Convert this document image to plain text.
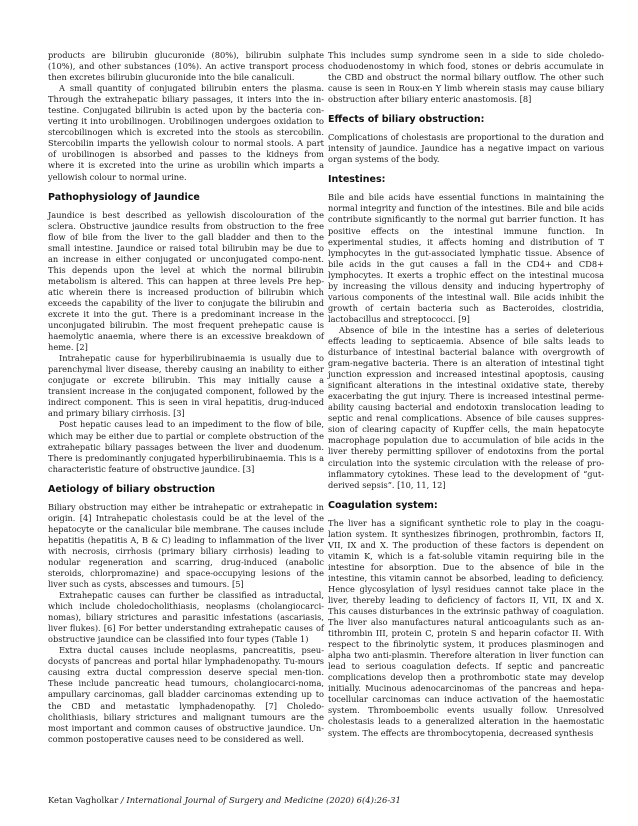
products are bilirubin glucuronide (80%), bilirubin sulphate (10%), and other substances (10%). An active transport process then excretes bilirubin glucuronide into the bile canaliculi.

A small quantity of conjugated bilirubin enters the plasma. Through the extrahepatic biliary passages, it inters into the in-testine. Conjugated bilirubin is acted upon by the bacteria con-verting it into urobilinogen. Urobilinogen undergoes oxidation to stercobilinogen which is excreted into the stools as stercobilin. Stercobilin imparts the yellowish colour to normal stools. A part of urobilinogen is absorbed and passes to the kidneys from where it is excreted into the urine as urobilin which imparts a yellowish colour to normal urine.

Pathophysiology of Jaundice

Jaundice is best described as yellowish discolouration of the sclera. Obstructive jaundice results from obstruction to the free flow of bile from the liver to the gall bladder and then to the small intestine. Jaundice or raised total bilirubin may be due to an increase in either conjugated or unconjugated compo-nent. This depends upon the level at which the normal bilirubin metabolism is altered. This can happen at three levels Pre hep-atic wherein there is increased production of bilirubin which exceeds the capability of the liver to conjugate the bilirubin and excrete it into the gut. There is a predominant increase in the unconjugated bilirubin. The most frequent prehepatic cause is haemolytic anaemia, where there is an excessive breakdown of heme. [2]

Intrahepatic cause for hyperbilirubinaemia is usually due to parenchymal liver disease, thereby causing an inability to either conjugate or excrete bilirubin. This may initially cause a transient increase in the conjugated component, followed by the indirect component. This is seen in viral hepatitis, drug-induced and primary biliary cirrhosis. [3]

Post hepatic causes lead to an impediment to the flow of bile, which may be either due to partial or complete obstruction of the extrahepatic biliary passages between the liver and duodenum. There is predominantly conjugated hyperbilirubinaemia. This is a characteristic feature of obstructive jaundice. [3]

Aetiology of biliary obstruction

Biliary obstruction may either be intrahepatic or extrahepatic in origin. [4] Intrahepatic cholestasis could be at the level of the hepatocyte or the canalicular bile membrane. The causes include hepatitis (hepatitis A, B & C) leading to inflammation of the liver with necrosis, cirrhosis (primary biliary cirrhosis) leading to nodular regeneration and scarring, drug-induced (anabolic steroids, chlorpromazine) and space-occupying lesions of the liver such as cysts, abscesses and tumours. [5]

Extrahepatic causes can further be classified as intraductal, which include choledocholithiasis, neoplasms (cholangiocarci-nomas), biliary strictures and parasitic infestations (ascariasis, liver flukes). [6] For better understanding extrahepatic causes of obstructive jaundice can be classified into four types (Table 1)

Extra ductal causes include neoplasms, pancreatitis, pseu-docysts of pancreas and portal hilar lymphadenopathy. Tu-mours causing extra ductal compression deserve special men-tion. These include pancreatic head tumours, cholangiocarci-noma, ampullary carcinomas, gall bladder carcinomas extending up to the CBD and metastatic lymphadenopathy. [7] Choledo-cholithiasis, biliary strictures and malignant tumours are the most important and common causes of obstructive jaundice. Un-common postoperative causes need to be considered as well.

This includes sump syndrome seen in a side to side choledo-choduodenostomy in which food, stones or debris accumulate in the CBD and obstruct the normal biliary outflow. The other such cause is seen in Roux-en Y limb wherein stasis may cause biliary obstruction after biliary enteric anastomosis. [8]

Effects of biliary obstruction:

Complications of cholestasis are proportional to the duration and intensity of jaundice. Jaundice has a negative impact on various organ systems of the body.

Intestines:

Bile and bile acids have essential functions in maintaining the normal integrity and function of the intestines. Bile and bile acids contribute significantly to the normal gut barrier function. It has positive effects on the intestinal immune function. In experimental studies, it affects homing and distribution of T lymphocytes in the gut-associated lymphatic tissue. Absence of bile acids in the gut causes a fall in the CD4+ and CD8+ lymphocytes. It exerts a trophic effect on the intestinal mucosa by increasing the villous density and inducing hypertrophy of various components of the intestinal wall. Bile acids inhibit the growth of certain bacteria such as Bacteroides, clostridia, lactobacillus and streptococci. [9]

Absence of bile in the intestine has a series of deleterious effects leading to septicaemia. Absence of bile salts leads to disturbance of intestinal bacterial balance with overgrowth of gram-negative bacteria. There is an alteration of intestinal tight junction expression and increased intestinal apoptosis, causing significant alterations in the intestinal oxidative state, thereby exacerbating the gut injury. There is increased intestinal perme-ability causing bacterial and endotoxin translocation leading to septic and renal complications. Absence of bile causes suppres-sion of clearing capacity of Kupffer cells, the main hepatocyte macrophage population due to accumulation of bile acids in the liver thereby permitting spillover of endotoxins from the portal circulation into the systemic circulation with the release of pro-inflammatory cytokines. These lead to the development of “gut-derived sepsis”. [10, 11, 12]

Coagulation system:

The liver has a significant synthetic role to play in the coagu-lation system. It synthesizes fibrinogen, prothrombin, factors II, VII, IX and X. The production of these factors is dependent on vitamin K, which is a fat-soluble vitamin requiring bile in the intestine for absorption. Due to the absence of bile in the intestine, this vitamin cannot be absorbed, leading to deficiency. Hence glycosylation of lysyl residues cannot take place in the liver, thereby leading to deficiency of factors II, VII, IX and X. This causes disturbances in the extrinsic pathway of coagulation. The liver also manufactures natural anticoagulants such as an-tithrombin III, protein C, protein S and heparin cofactor II. With respect to the fibrinolytic system, it produces plasminogen and alpha two anti-plasmin. Therefore alteration in liver function can lead to serious coagulation defects. If septic and pancreatic complications develop then a prothrombotic state may develop initially. Mucinous adenocarcinomas of the pancreas and hepa-tocellular carcinomas can induce activation of the haemostatic system. Thromboembolic events usually follow. Unresolved cholestasis leads to a generalized alteration in the haemostatic system. The effects are thrombocytopenia, decreased synthesis

Ketan Vagholkar / International Journal of Surgery and Medicine (2020) 6(4):26-31
